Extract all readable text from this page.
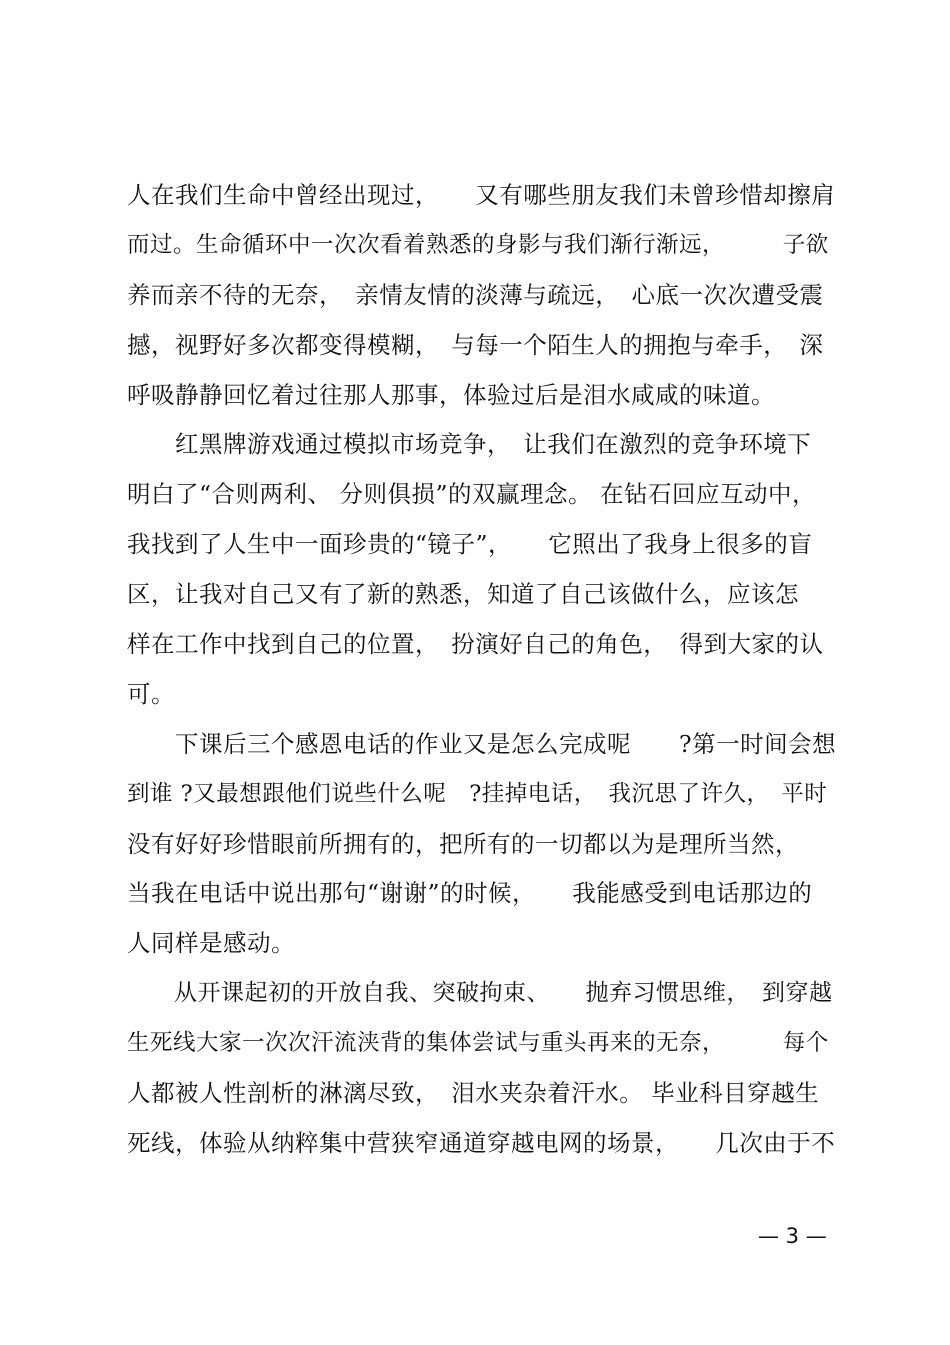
人在我们生命中曾经出现过，　　又有哪些朋友我们未曾珍惜却擦肩
而过。生命循环中一次次看着熟悉的身影与我们渐行渐远，　　　子欲
养而亲不待的无奈，　亲情友情的淡薄与疏远，　心底一次次遭受震
撼，视野好多次都变得模糊，　与每一个陌生人的拥抱与牵手，　深
呼吸静静回忆着过往那人那事，体验过后是泪水咸咸的味道。
　　红黑牌游戏通过模拟市场竞争，　让我们在激烈的竞争环境下
明白了“合则两利、 分则俱损”的双赢理念。 在钻石回应互动中，
我找到了人生中一面珍贵的“镜子”，　　它照出了我身上很多的盲
区，让我对自己又有了新的熟悉，知道了自己该做什么，应该怎
样在工作中找到自己的位置，　扮演好自己的角色，　得到大家的认
可。
　　下课后三个感恩电话的作业又是怎么完成呢　　?第一时间会想
到谁 ?又最想跟他们说些什么呢　?挂掉电话，　我沉思了许久，　平时
没有好好珍惜眼前所拥有的，把所有的一切都以为是理所当然，
当我在电话中说出那句“谢谢”的时候，　　我能感受到电话那边的
人同样是感动。
　　从开课起初的开放自我、突破拘束、　　抛弃习惯思维，　到穿越
生死线大家一次次汗流浃背的集体尝试与重头再来的无奈，　　　每个
人都被人性剖析的淋漓尽致，　泪水夹杂着汗水。 毕业科目穿越生
死线，体验从纳粹集中营狭窄通道穿越电网的场景，　　几次由于不
— 3 —
